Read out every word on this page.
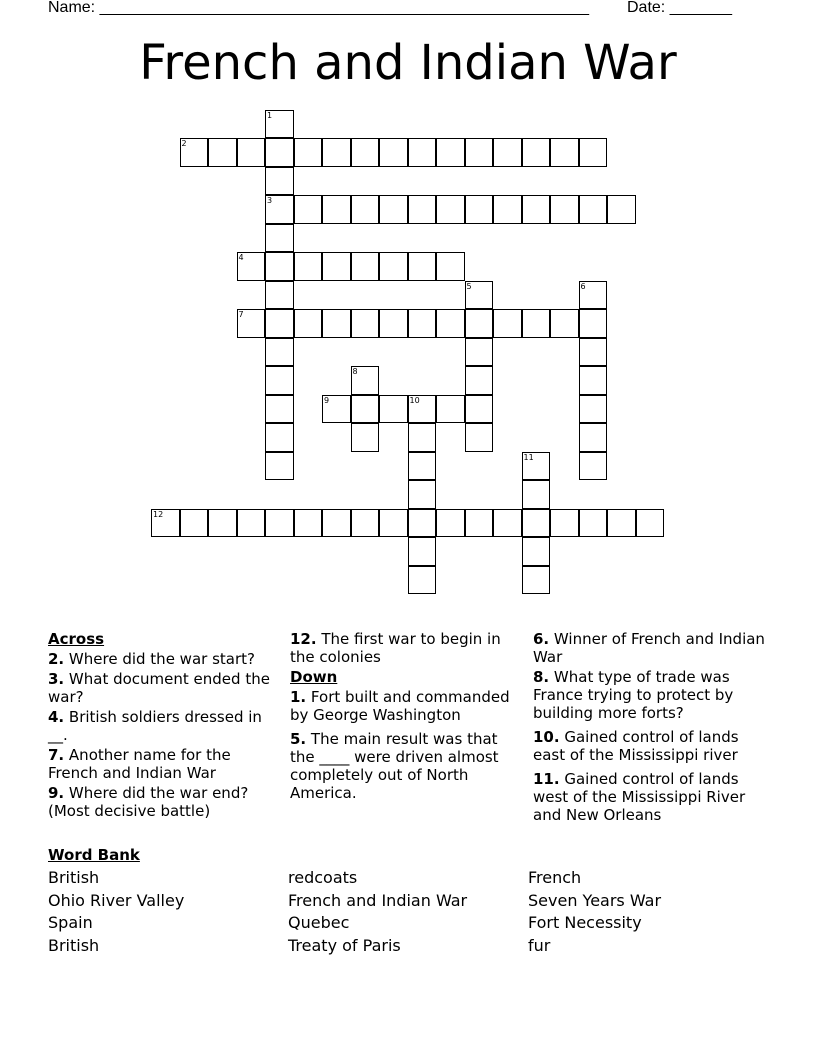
Name: _______________________________________________________ Date: _______
French and Indian War
1
3
2
4
5	6
7
8
9	10
11
12
Across
2. Where did the war start?
3. What document ended the war?
4. British soldiers dressed in __.
7. Another name for the French and Indian War
9. Where did the war end? (Most decisive battle)
12. The first war to begin in the colonies
Down
1. Fort built and commanded by George Washington
5. The main result was that the ____ were driven almost completely out of North America.
6. Winner of French and Indian War
8. What type of trade was France trying to protect by building more forts?
10. Gained control of lands east of the Mississippi river
11. Gained control of lands west of the Mississippi River and New Orleans
Word Bank
British	redcoats	French
Ohio River Valley	French and Indian War	Seven Years War
Spain	Quebec	Fort Necessity
British	Treaty of Paris	fur
